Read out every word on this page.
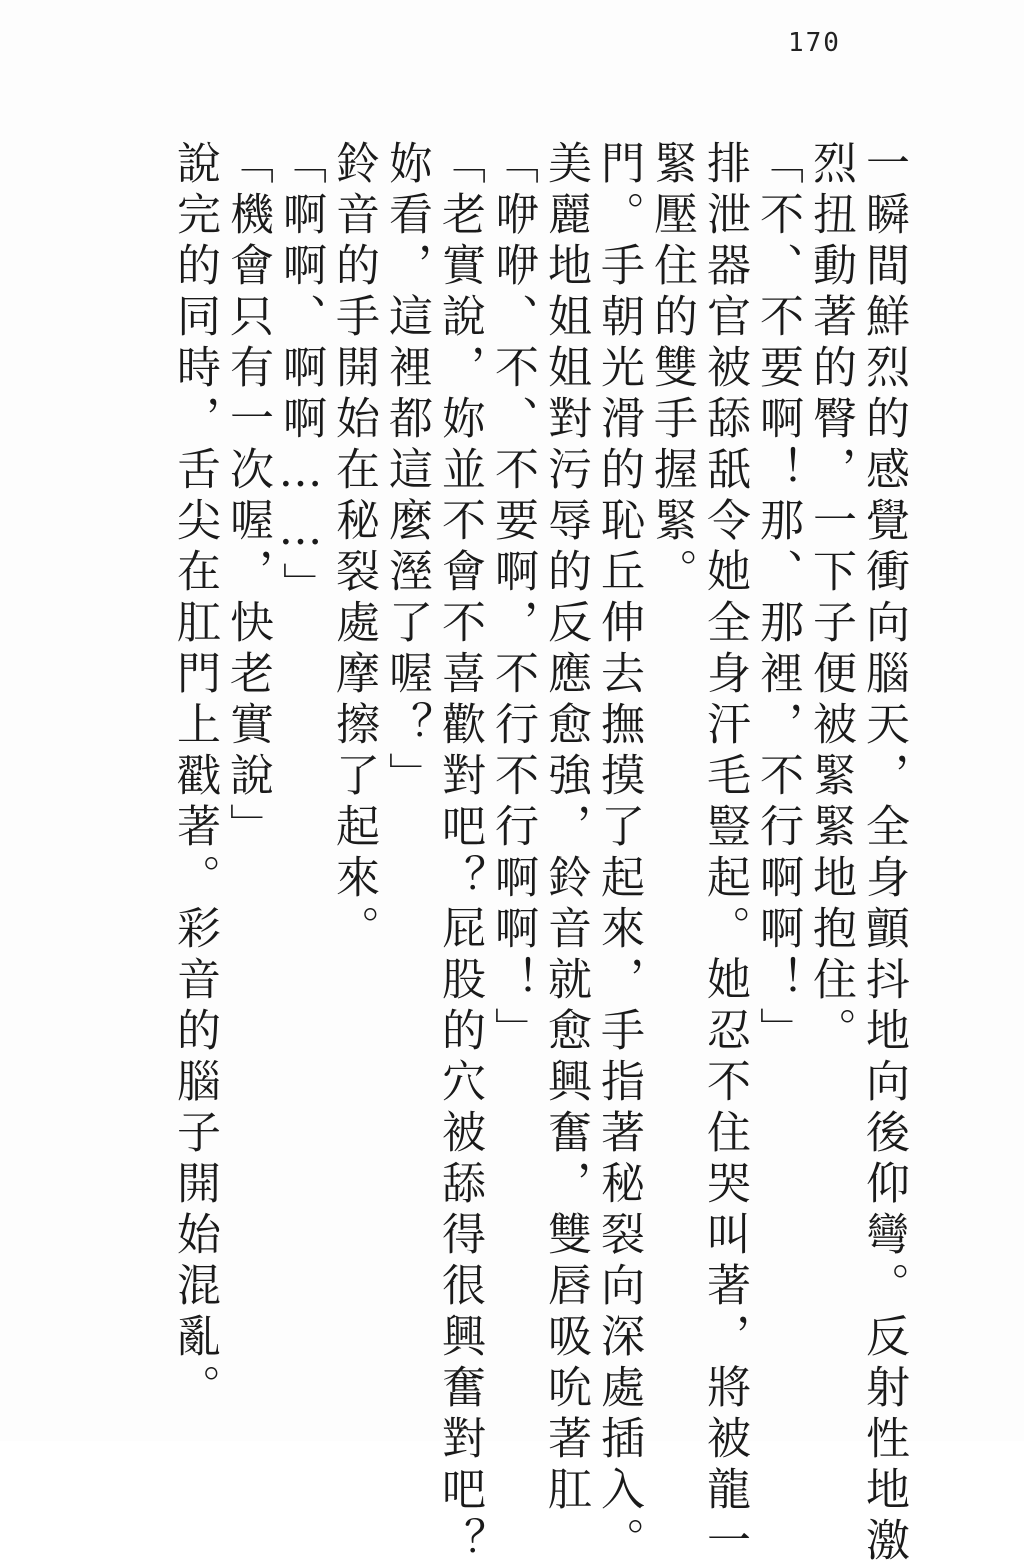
170
一瞬間鮮烈的感覺衝向腦天，全身顫抖地向後仰彎。反射性地激
烈扭動著的臀，一下子便被緊緊地抱住。
「不、不要啊！那、那裡，不行啊啊！」
排泄器官被舔舐令她全身汗毛豎起。她忍不住哭叫著，將被龍一
緊壓住的雙手握緊。
門。手朝光滑的恥丘伸去撫摸了起來，手指著秘裂向深處插入。
美麗地姐姐對污辱的反應愈強，鈴音就愈興奮，雙唇吸吮著肛
「咿咿、不、不要啊，不行不行啊啊！」
「老實說，妳並不會不喜歡對吧？屁股的穴被舔得很興奮對吧？
妳看，這裡都這麼溼了喔？」
鈴音的手開始在秘裂處摩擦了起來。
「啊啊、啊啊……」
「機會只有一次喔，快老實說」
說完的同時，舌尖在肛門上戳著。彩音的腦子開始混亂。
